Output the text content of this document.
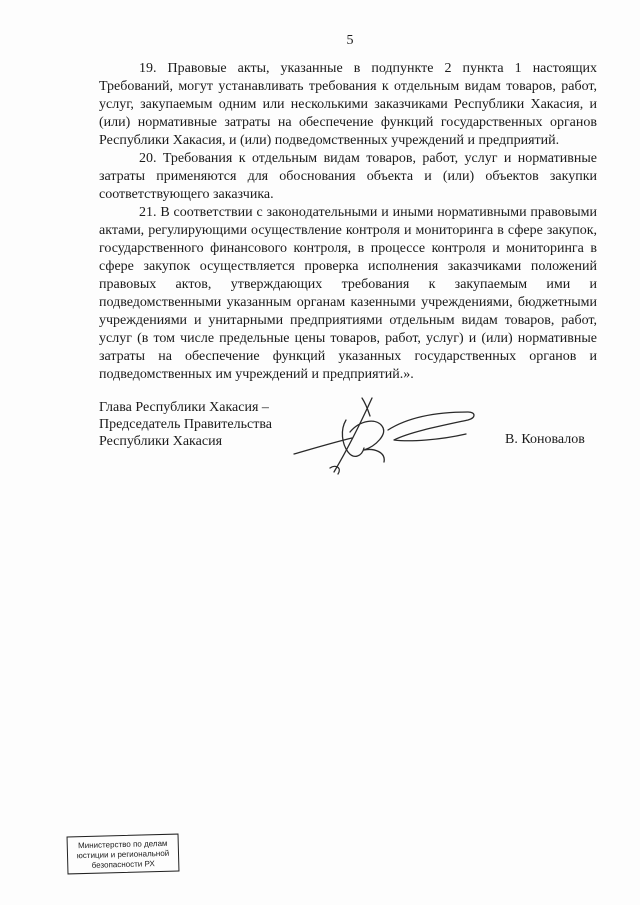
5

19. Правовые акты, указанные в подпункте 2 пункта 1 настоящих Требований, могут устанавливать требования к отдельным видам товаров, работ, услуг, закупаемым одним или несколькими заказчиками Республики Хакасия, и (или) нормативные затраты на обеспечение функций государственных органов Республики Хакасия, и (или) подведомственных учреждений и предприятий.

20. Требования к отдельным видам товаров, работ, услуг и нормативные затраты применяются для обоснования объекта и (или) объектов закупки соответствующего заказчика.

21. В соответствии с законодательными и иными нормативными правовыми актами, регулирующими осуществление контроля и мониторинга в сфере закупок, государственного финансового контроля, в процессе контроля и мониторинга в сфере закупок осуществляется проверка исполнения заказчиками положений правовых актов, утверждающих требования к закупаемым ими и подведомственными указанным органам казенными учреждениями, бюджетными учреждениями и унитарными предприятиями отдельным видам товаров, работ, услуг (в том числе предельные цены товаров, работ, услуг) и (или) нормативные затраты на обеспечение функций указанных государственных органов и подведомственных им учреждений и предприятий.».

Глава Республики Хакасия –
Председатель Правительства
Республики Хакасия	В. Коновалов
Министерство по делам
юстиции и региональной
безопасности РХ
